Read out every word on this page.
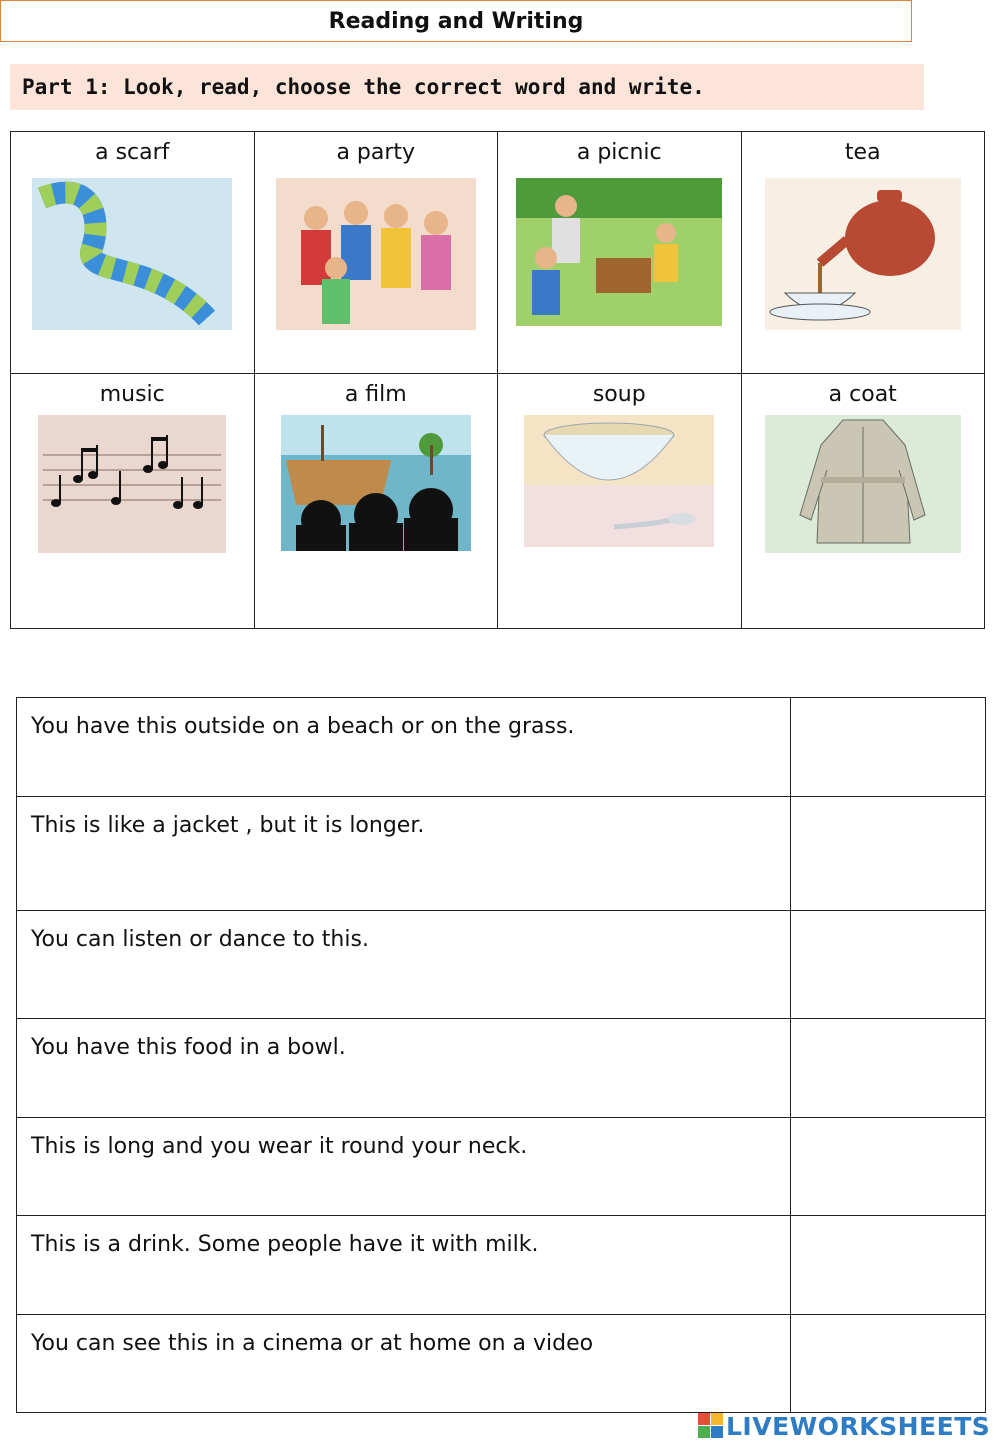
Reading and Writing
Part 1: Look, read, choose the correct word and write.
a scarf	a party	a picnic	tea

music	a film	soup	a coat
You have this outside on a beach or on the grass.	

This is like a jacket , but it is longer.	

You can listen or dance to this.	

You have this food in a bowl.	

This is long and you wear it round your neck.	

This is a drink. Some people have it with milk.	

You can see this in a cinema or at home on a video	

LIVEWORKSHEETS
